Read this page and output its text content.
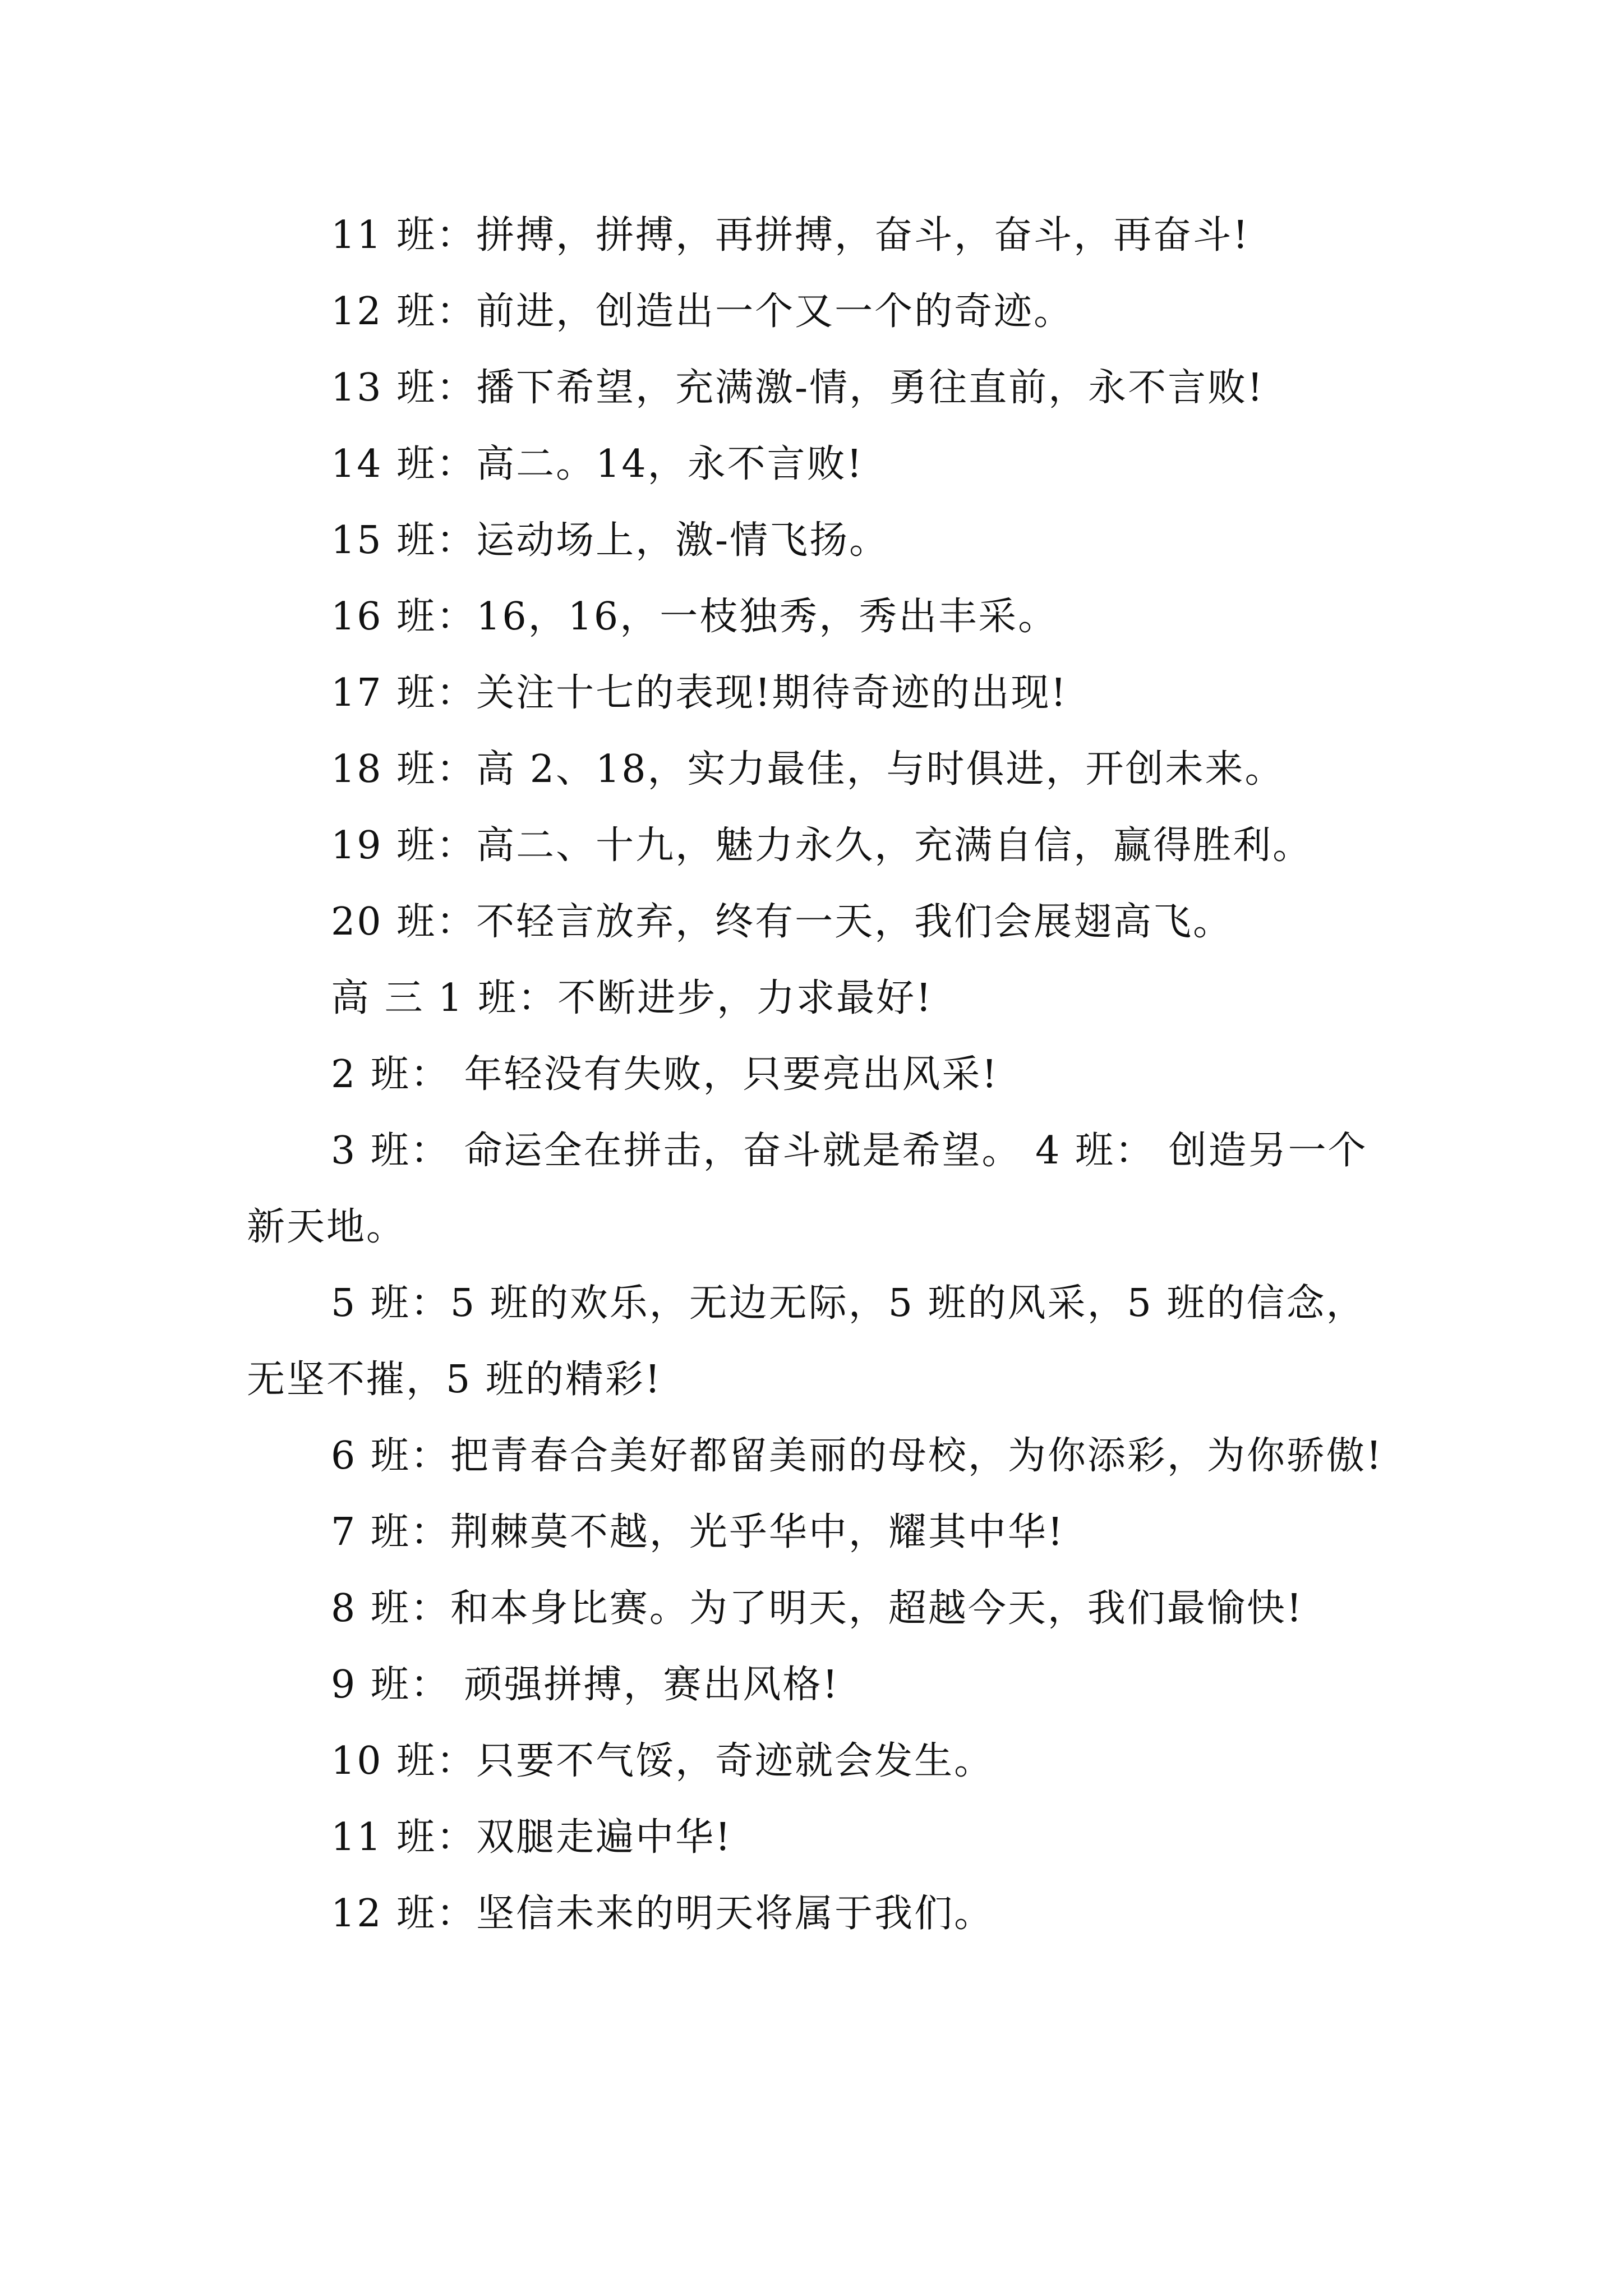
11 班：拼搏，拼搏，再拼搏，奋斗，奋斗，再奋斗!

12 班：前进，创造出一个又一个的奇迹。

13 班：播下希望，充满激-情，勇往直前，永不言败!

14 班：高二。14，永不言败!

15 班：运动场上，激-情飞扬。

16 班：16，16，一枝独秀，秀出丰采。

17 班：关注十七的表现!期待奇迹的出现!

18 班：高 2、18，实力最佳，与时俱进，开创未来。

19 班：高二、十九，魅力永久，充满自信，赢得胜利。

20 班：不轻言放弃，终有一天，我们会展翅高飞。

高 三 1 班：不断进步，力求最好!

2 班： 年轻没有失败，只要亮出风采!

3 班： 命运全在拼击，奋斗就是希望。 4 班： 创造另一个新天地。

5 班：5 班的欢乐，无边无际，5 班的风采，5 班的信念，无坚不摧，5 班的精彩!

6 班：把青春合美好都留美丽的母校，为你添彩，为你骄傲!

7 班：荆棘莫不越，光乎华中，耀其中华!

8 班：和本身比赛。为了明天，超越今天，我们最愉快!

9 班： 顽强拼搏，赛出风格!

10 班：只要不气馁，奇迹就会发生。

11 班：双腿走遍中华!

12 班：坚信未来的明天将属于我们。
